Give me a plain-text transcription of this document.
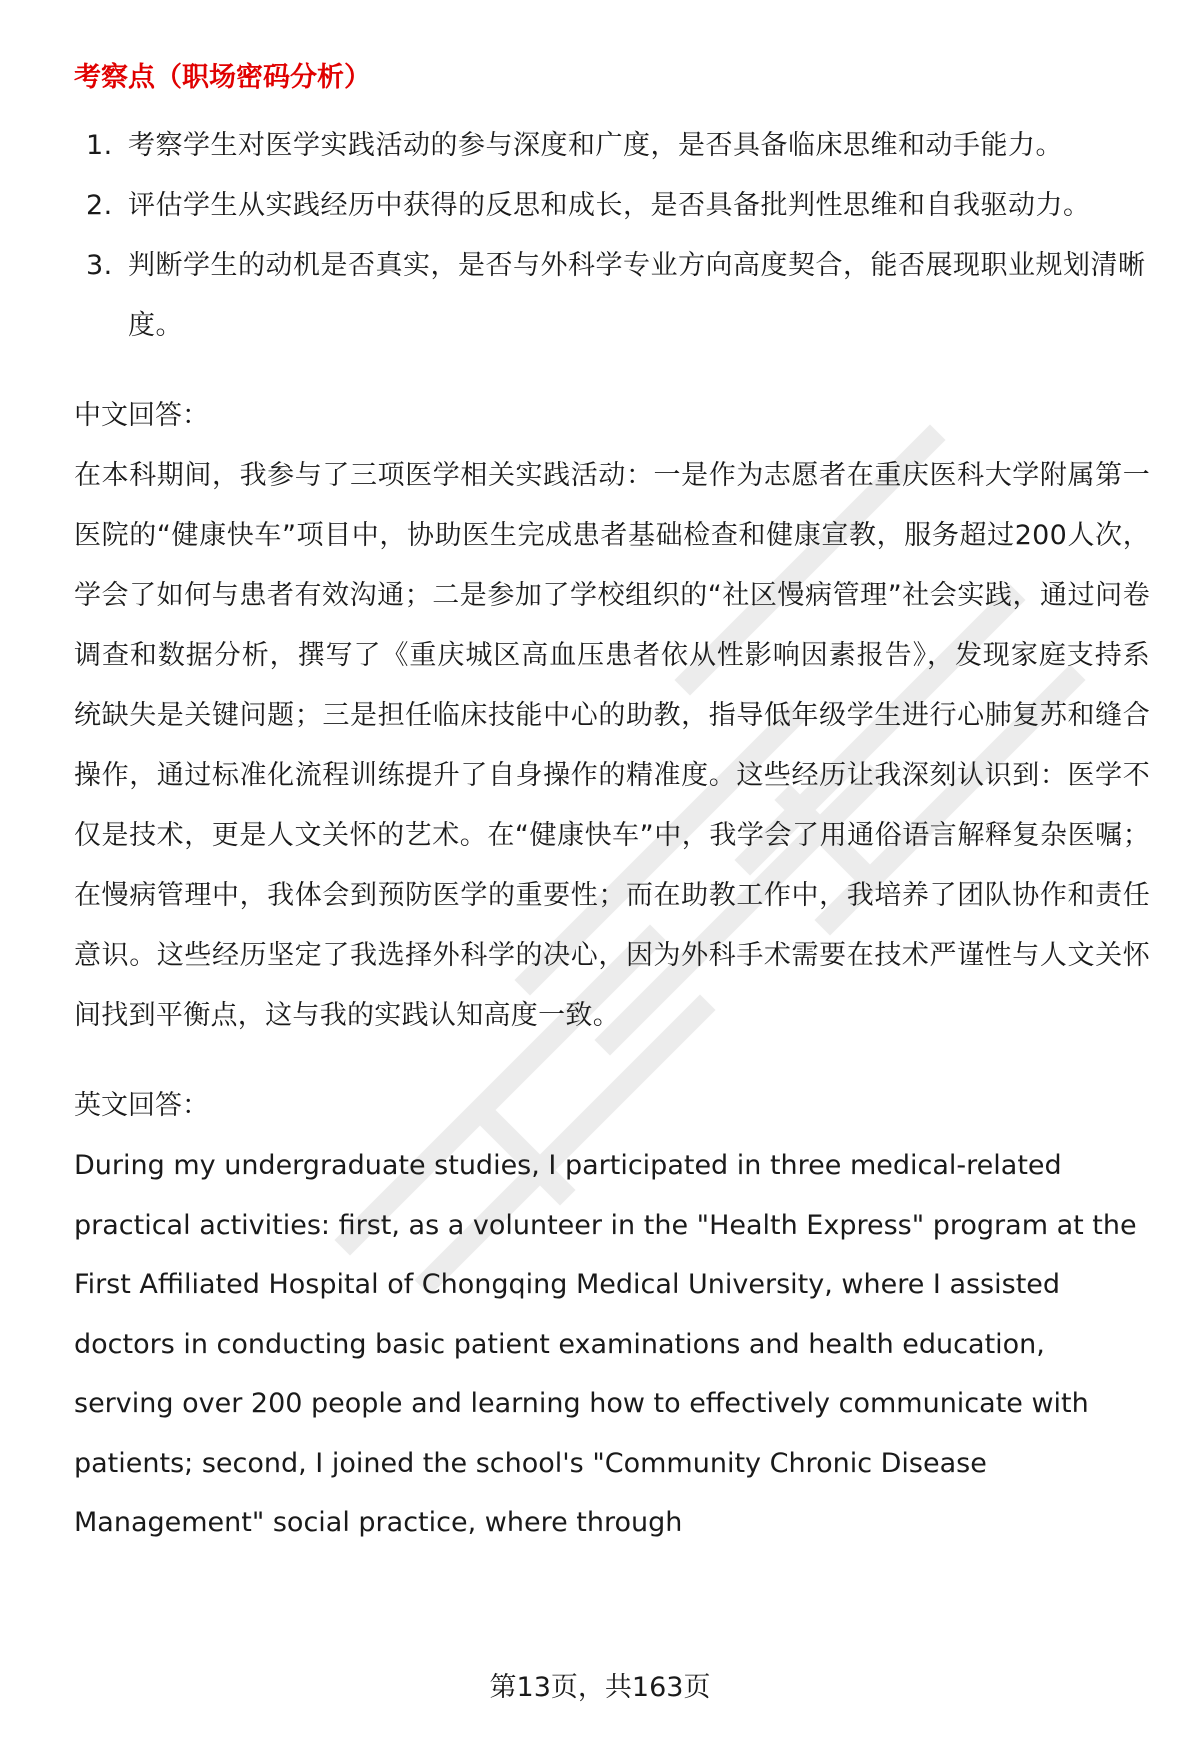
考察点（职场密码分析）
1. 考察学生对医学实践活动的参与深度和广度，是否具备临床思维和动手能力。
2. 评估学生从实践经历中获得的反思和成长，是否具备批判性思维和自我驱动力。
3. 判断学生的动机是否真实，是否与外科学专业方向高度契合，能否展现职业规划清晰度。
中文回答：

在本科期间，我参与了三项医学相关实践活动：一是作为志愿者在重庆医科大学附属第一医院的“健康快车”项目中，协助医生完成患者基础检查和健康宣教，服务超过200人次，学会了如何与患者有效沟通；二是参加了学校组织的“社区慢病管理”社会实践，通过问卷调查和数据分析，撰写了《重庆城区高血压患者依从性影响因素报告》，发现家庭支持系统缺失是关键问题；三是担任临床技能中心的助教，指导低年级学生进行心肺复苏和缝合操作，通过标准化流程训练提升了自身操作的精准度。这些经历让我深刻认识到：医学不仅是技术，更是人文关怀的艺术。在“健康快车”中，我学会了用通俗语言解释复杂医嘱；在慢病管理中，我体会到预防医学的重要性；而在助教工作中，我培养了团队协作和责任意识。这些经历坚定了我选择外科学的决心，因为外科手术需要在技术严谨性与人文关怀间找到平衡点，这与我的实践认知高度一致。

英文回答：

During my undergraduate studies, I participated in three medical-related practical activities: first, as a volunteer in the "Health Express" program at the First Affiliated Hospital of Chongqing Medical University, where I assisted doctors in conducting basic patient examinations and health education, serving over 200 people and learning how to effectively communicate with patients; second, I joined the school's "Community Chronic Disease Management" social practice, where through

第13页，共163页
